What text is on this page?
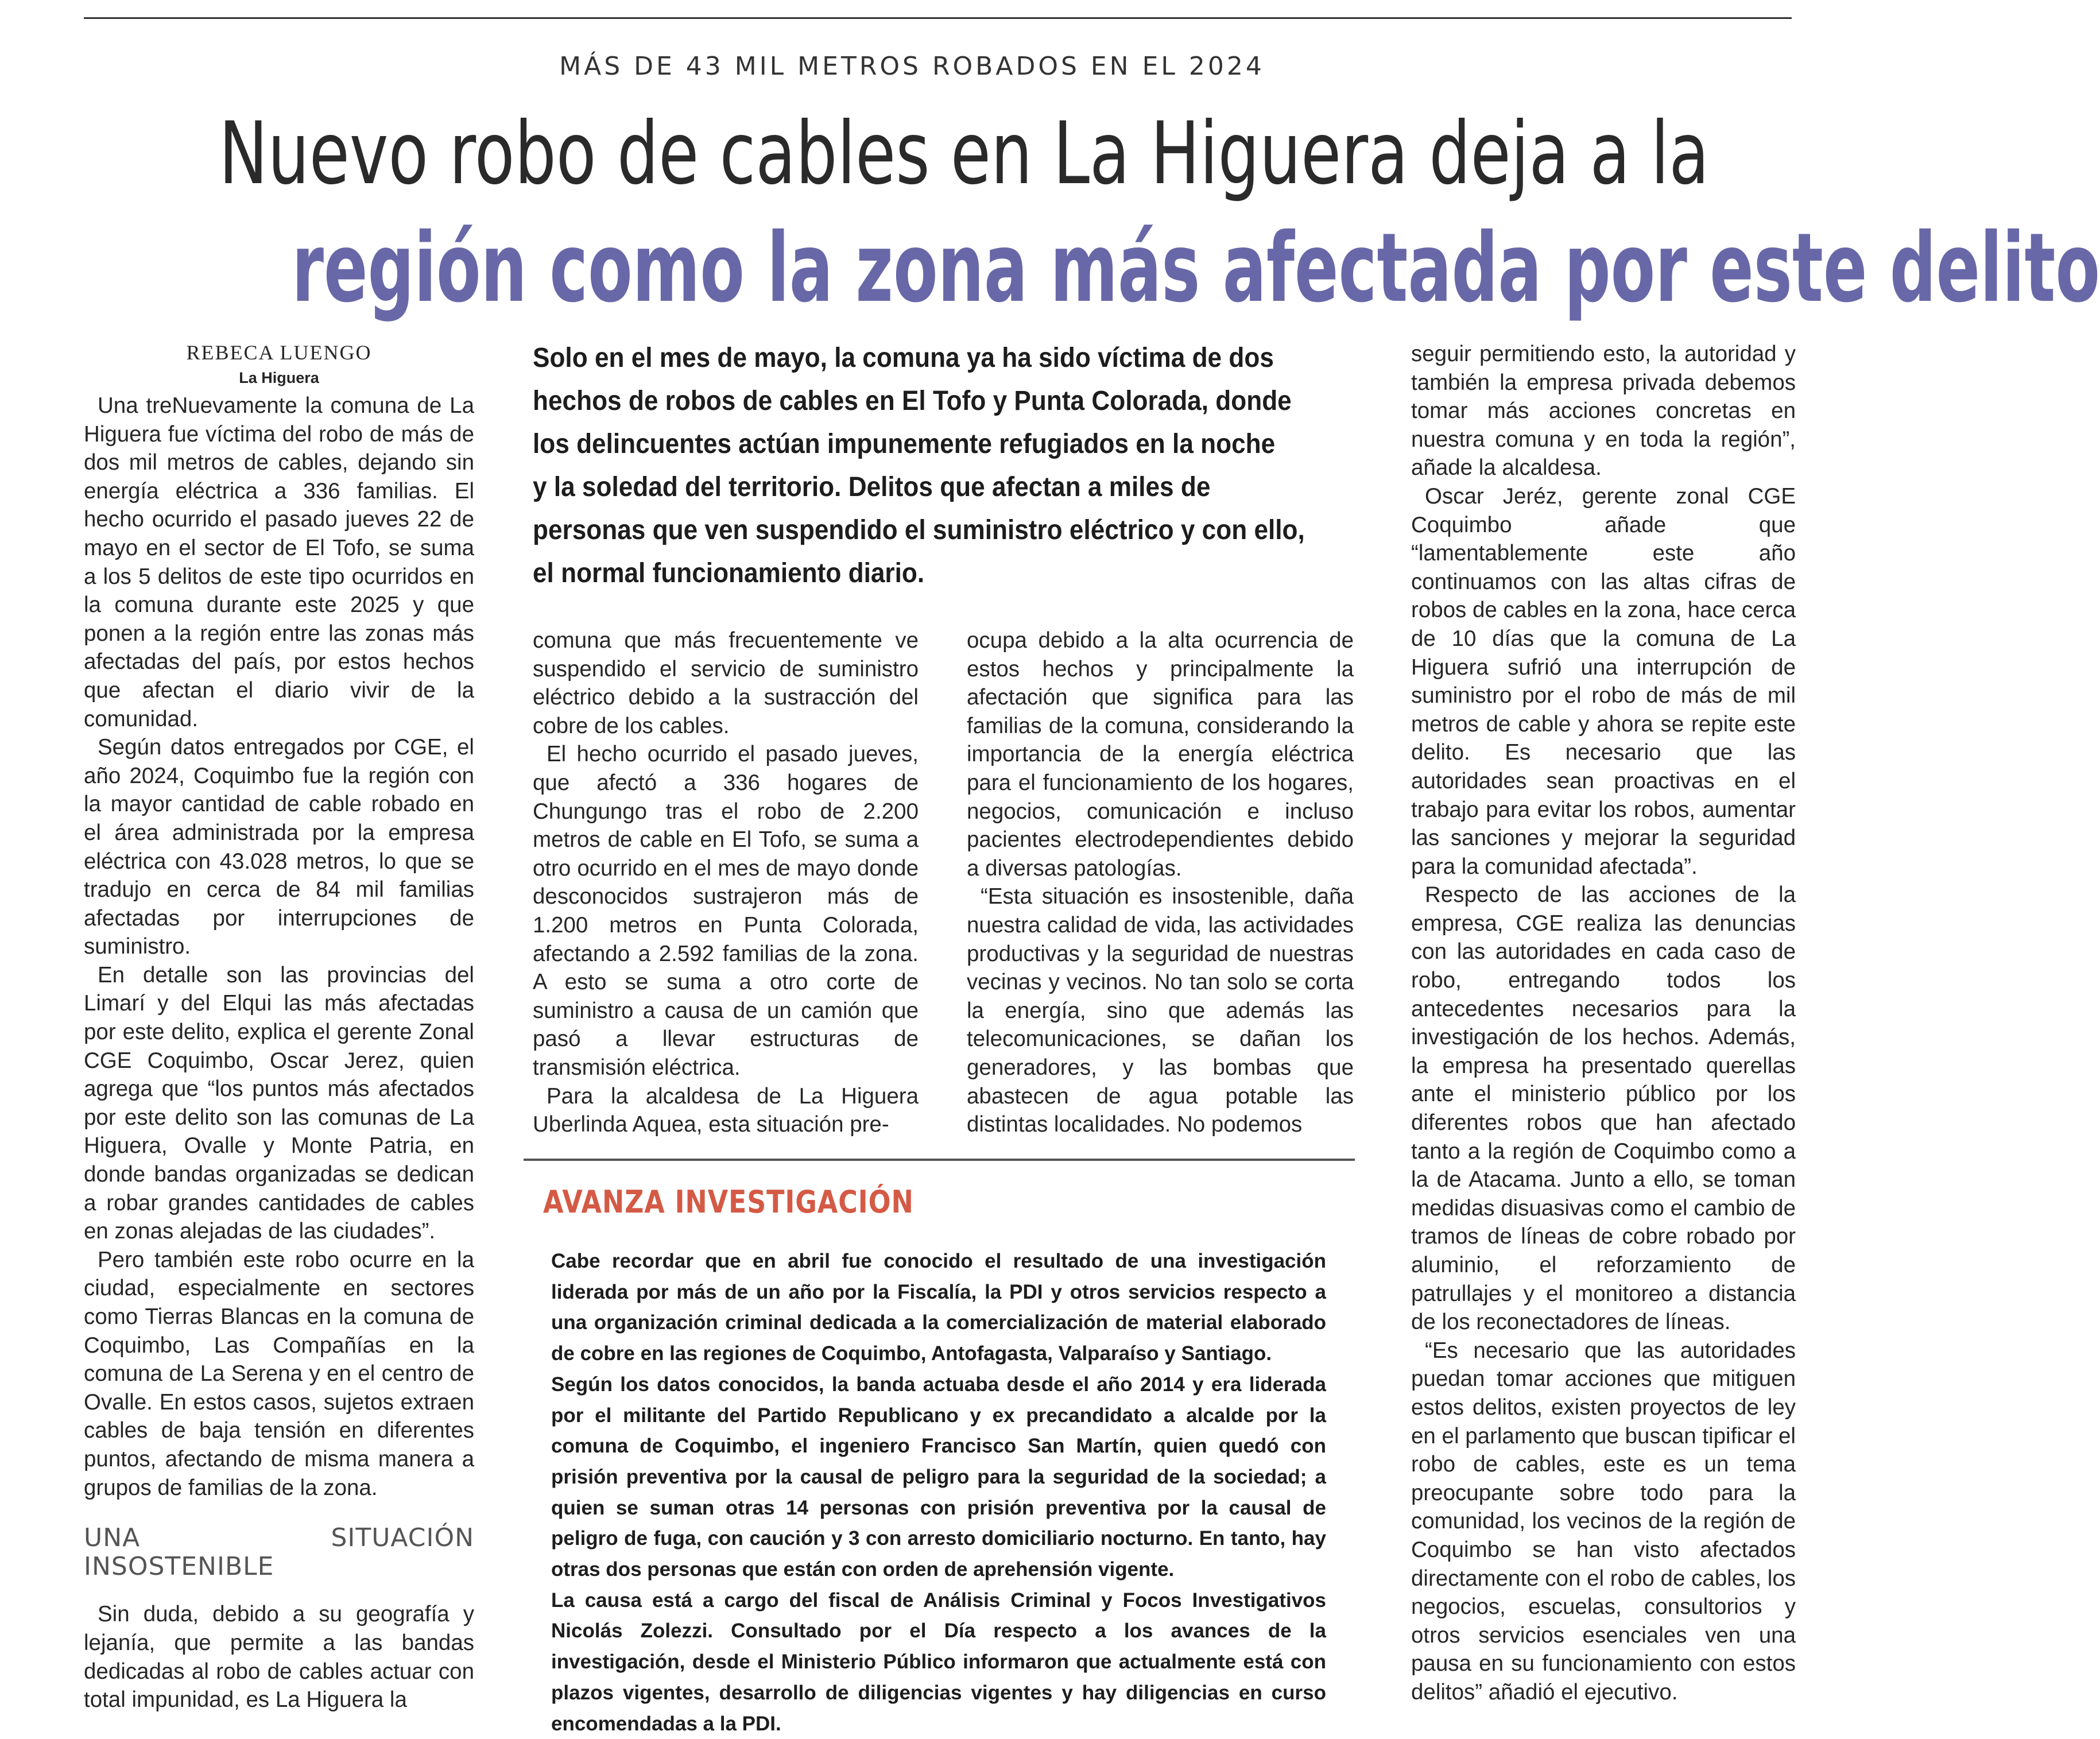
MÁS DE 43 MIL METROS ROBADOS EN EL 2024
Nuevo robo de cables en La Higuera deja a la
región como la zona más afectada por este delito
REBECA LUENGO
La Higuera

Una treNuevamente la comuna de La Higuera fue víctima del robo de más de dos mil metros de cables, dejando sin energía eléctrica a 336 familias. El hecho ocurrido el pasado jueves 22 de mayo en el sector de El Tofo, se suma a los 5 delitos de este tipo ocurridos en la comuna durante este 2025 y que ponen a la región entre las zonas más afectadas del país, por estos hechos que afectan el diario vivir de la comunidad.

Según datos entregados por CGE, el año 2024, Coquimbo fue la región con la mayor cantidad de cable robado en el área administrada por la empresa eléctrica con 43.028 metros, lo que se tradujo en cerca de 84 mil familias afectadas por interrupciones de suministro.

En detalle son las provincias del Limarí y del Elqui las más afectadas por este delito, explica el gerente Zonal CGE Coquimbo, Oscar Jerez, quien agrega que “los puntos más afectados por este delito son las comunas de La Higuera, Ovalle y Monte Patria, en donde bandas organizadas se dedican a robar grandes cantidades de cables en zonas alejadas de las ciudades”.

Pero también este robo ocurre en la ciudad, especialmente en sectores como Tierras Blancas en la comuna de Coquimbo, Las Compañías en la comuna de La Serena y en el centro de Ovalle. En estos casos, sujetos extraen cables de baja tensión en diferentes puntos, afectando de misma manera a grupos de familias de la zona.

UNA SITUACIÓN INSOSTENIBLE

Sin duda, debido a su geografía y lejanía, que permite a las bandas dedicadas al robo de cables actuar con total impunidad, es La Higuera la

Solo en el mes de mayo, la comuna ya ha sido víctima de dos
hechos de robos de cables en El Tofo y Punta Colorada, donde
los delincuentes actúan impunemente refugiados en la noche
y la soledad del territorio. Delitos que afectan a miles de
personas que ven suspendido el suministro eléctrico y con ello,
el normal funcionamiento diario.

comuna que más frecuentemente ve suspendido el servicio de suministro eléctrico debido a la sustracción del cobre de los cables.

El hecho ocurrido el pasado jueves, que afectó a 336 hogares de Chungungo tras el robo de 2.200 metros de cable en El Tofo, se suma a otro ocurrido en el mes de mayo donde desconocidos sustrajeron más de 1.200 metros en Punta Colorada, afectando a 2.592 familias de la zona. A esto se suma a otro corte de suministro a causa de un camión que pasó a llevar estructuras de transmisión eléctrica.

Para la alcaldesa de La Higuera Uberlinda Aquea, esta situación pre-

ocupa debido a la alta ocurrencia de estos hechos y principalmente la afectación que significa para las familias de la comuna, considerando la importancia de la energía eléctrica para el funcionamiento de los hogares, negocios, comunicación e incluso pacientes electrodependientes debido a diversas patologías.

“Esta situación es insostenible, daña nuestra calidad de vida, las actividades productivas y la seguridad de nuestras vecinas y vecinos. No tan solo se corta la energía, sino que además las telecomunicaciones, se dañan los generadores, y las bombas que abastecen de agua potable las distintas localidades. No podemos

seguir permitiendo esto, la autoridad y también la empresa privada debemos tomar más acciones concretas en nuestra comuna y en toda la región”, añade la alcaldesa.

Oscar Jeréz, gerente zonal CGE Coquimbo añade que “lamentablemente este año continuamos con las altas cifras de robos de cables en la zona, hace cerca de 10 días que la comuna de La Higuera sufrió una interrupción de suministro por el robo de más de mil metros de cable y ahora se repite este delito. Es necesario que las autoridades sean proactivas en el trabajo para evitar los robos, aumentar las sanciones y mejorar la seguridad para la comunidad afectada”.

Respecto de las acciones de la empresa, CGE realiza las denuncias con las autoridades en cada caso de robo, entregando todos los antecedentes necesarios para la investigación de los hechos. Además, la empresa ha presentado querellas ante el ministerio público por los diferentes robos que han afectado tanto a la región de Coquimbo como a la de Atacama. Junto a ello, se toman medidas disuasivas como el cambio de tramos de líneas de cobre robado por aluminio, el reforzamiento de patrullajes y el monitoreo a distancia de los reconectadores de líneas.

“Es necesario que las autoridades puedan tomar acciones que mitiguen estos delitos, existen proyectos de ley en el parlamento que buscan tipificar el robo de cables, este es un tema preocupante sobre todo para la comunidad, los vecinos de la región de Coquimbo se han visto afectados directamente con el robo de cables, los negocios, escuelas, consultorios y otros servicios esenciales ven una pausa en su funcionamiento con estos delitos” añadió el ejecutivo.

AVANZA INVESTIGACIÓN

Cabe recordar que en abril fue conocido el resultado de una investigación liderada por más de un año por la Fiscalía, la PDI y otros servicios respecto a una organización criminal dedicada a la comercialización de material elaborado de cobre en las regiones de Coquimbo, Antofagasta, Valparaíso y Santiago.

Según los datos conocidos, la banda actuaba desde el año 2014 y era liderada por el militante del Partido Republicano y ex precandidato a alcalde por la comuna de Coquimbo, el ingeniero Francisco San Martín, quien quedó con prisión preventiva por la causal de peligro para la seguridad de la sociedad; a quien se suman otras 14 personas con prisión preventiva por la causal de peligro de fuga, con caución y 3 con arresto domiciliario nocturno. En tanto, hay otras dos personas que están con orden de aprehensión vigente.

La causa está a cargo del fiscal de Análisis Criminal y Focos Investigativos Nicolás Zolezzi. Consultado por el Día respecto a los avances de la investigación, desde el Ministerio Público informaron que actualmente está con plazos vigentes, desarrollo de diligencias vigentes y hay diligencias en curso encomendadas a la PDI.
